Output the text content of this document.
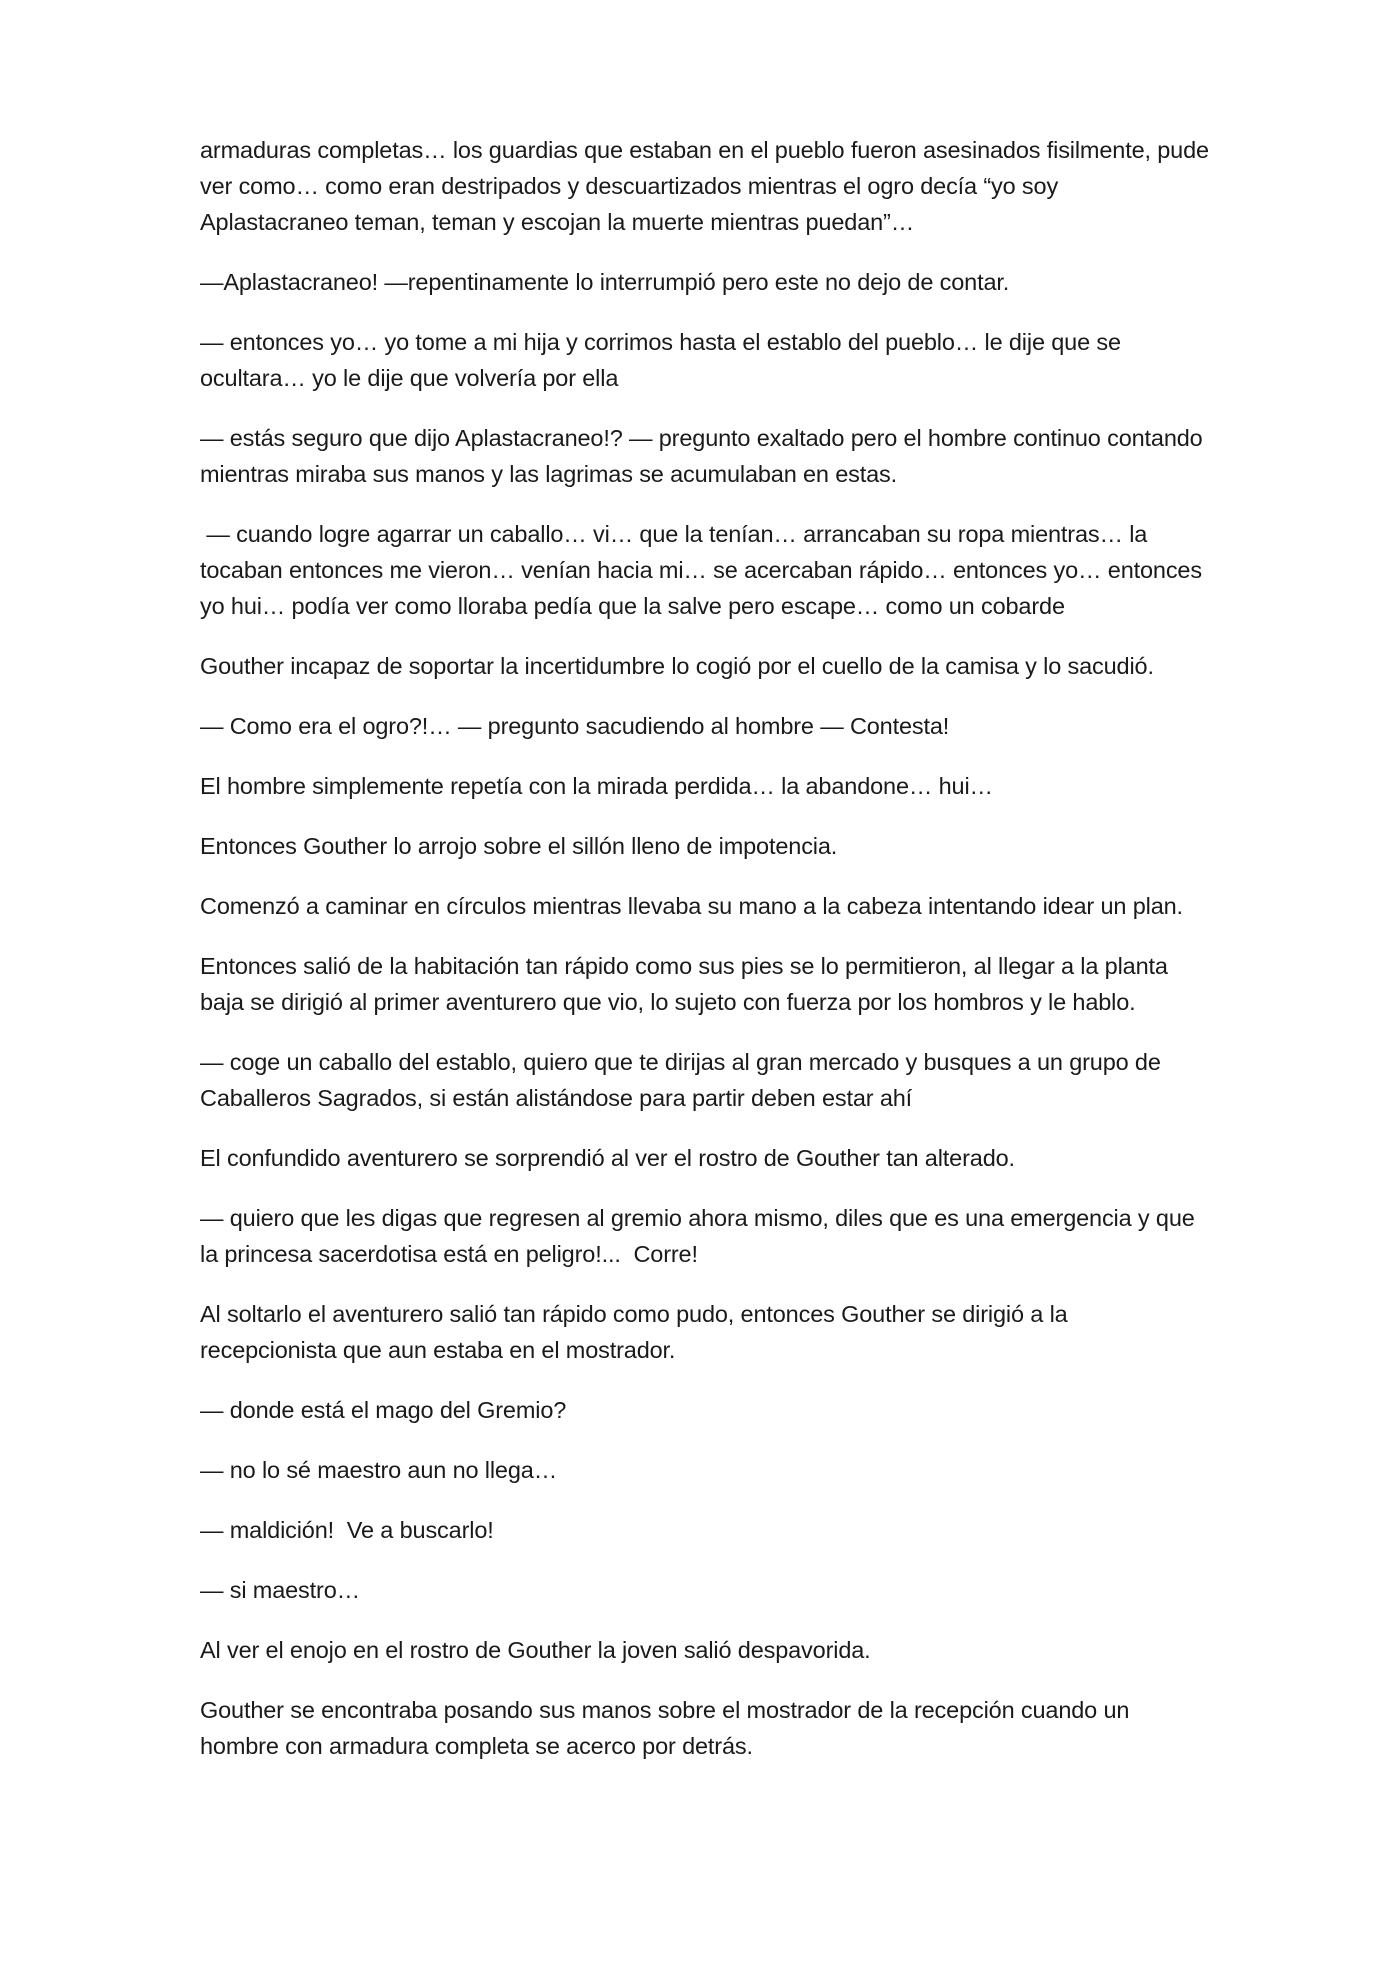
armaduras completas… los guardias que estaban en el pueblo fueron asesinados fisilmente, pude ver como… como eran destripados y descuartizados mientras el ogro decía “yo soy Aplastacraneo teman, teman y escojan la muerte mientras puedan”…

—Aplastacraneo! —repentinamente lo interrumpió pero este no dejo de contar.

— entonces yo… yo tome a mi hija y corrimos hasta el establo del pueblo… le dije que se ocultara… yo le dije que volvería por ella

— estás seguro que dijo Aplastacraneo!? — pregunto exaltado pero el hombre continuo contando mientras miraba sus manos y las lagrimas se acumulaban en estas.

— cuando logre agarrar un caballo… vi… que la tenían… arrancaban su ropa mientras… la tocaban entonces me vieron… venían hacia mi… se acercaban rápido… entonces yo… entonces yo hui… podía ver como lloraba pedía que la salve pero escape… como un cobarde

Gouther incapaz de soportar la incertidumbre lo cogió por el cuello de la camisa y lo sacudió.

— Como era el ogro?!… — pregunto sacudiendo al hombre — Contesta!

El hombre simplemente repetía con la mirada perdida… la abandone… hui…

Entonces Gouther lo arrojo sobre el sillón lleno de impotencia.

Comenzó a caminar en círculos mientras llevaba su mano a la cabeza intentando idear un plan.

Entonces salió de la habitación tan rápido como sus pies se lo permitieron, al llegar a la planta baja se dirigió al primer aventurero que vio, lo sujeto con fuerza por los hombros y le hablo.

— coge un caballo del establo, quiero que te dirijas al gran mercado y busques a un grupo de Caballeros Sagrados, si están alistándose para partir deben estar ahí

El confundido aventurero se sorprendió al ver el rostro de Gouther tan alterado.

— quiero que les digas que regresen al gremio ahora mismo, diles que es una emergencia y que la princesa sacerdotisa está en peligro!...  Corre!

Al soltarlo el aventurero salió tan rápido como pudo, entonces Gouther se dirigió a la recepcionista que aun estaba en el mostrador.

— donde está el mago del Gremio?

— no lo sé maestro aun no llega…

— maldición!  Ve a buscarlo!

— si maestro…

Al ver el enojo en el rostro de Gouther la joven salió despavorida.

Gouther se encontraba posando sus manos sobre el mostrador de la recepción cuando un hombre con armadura completa se acerco por detrás.
